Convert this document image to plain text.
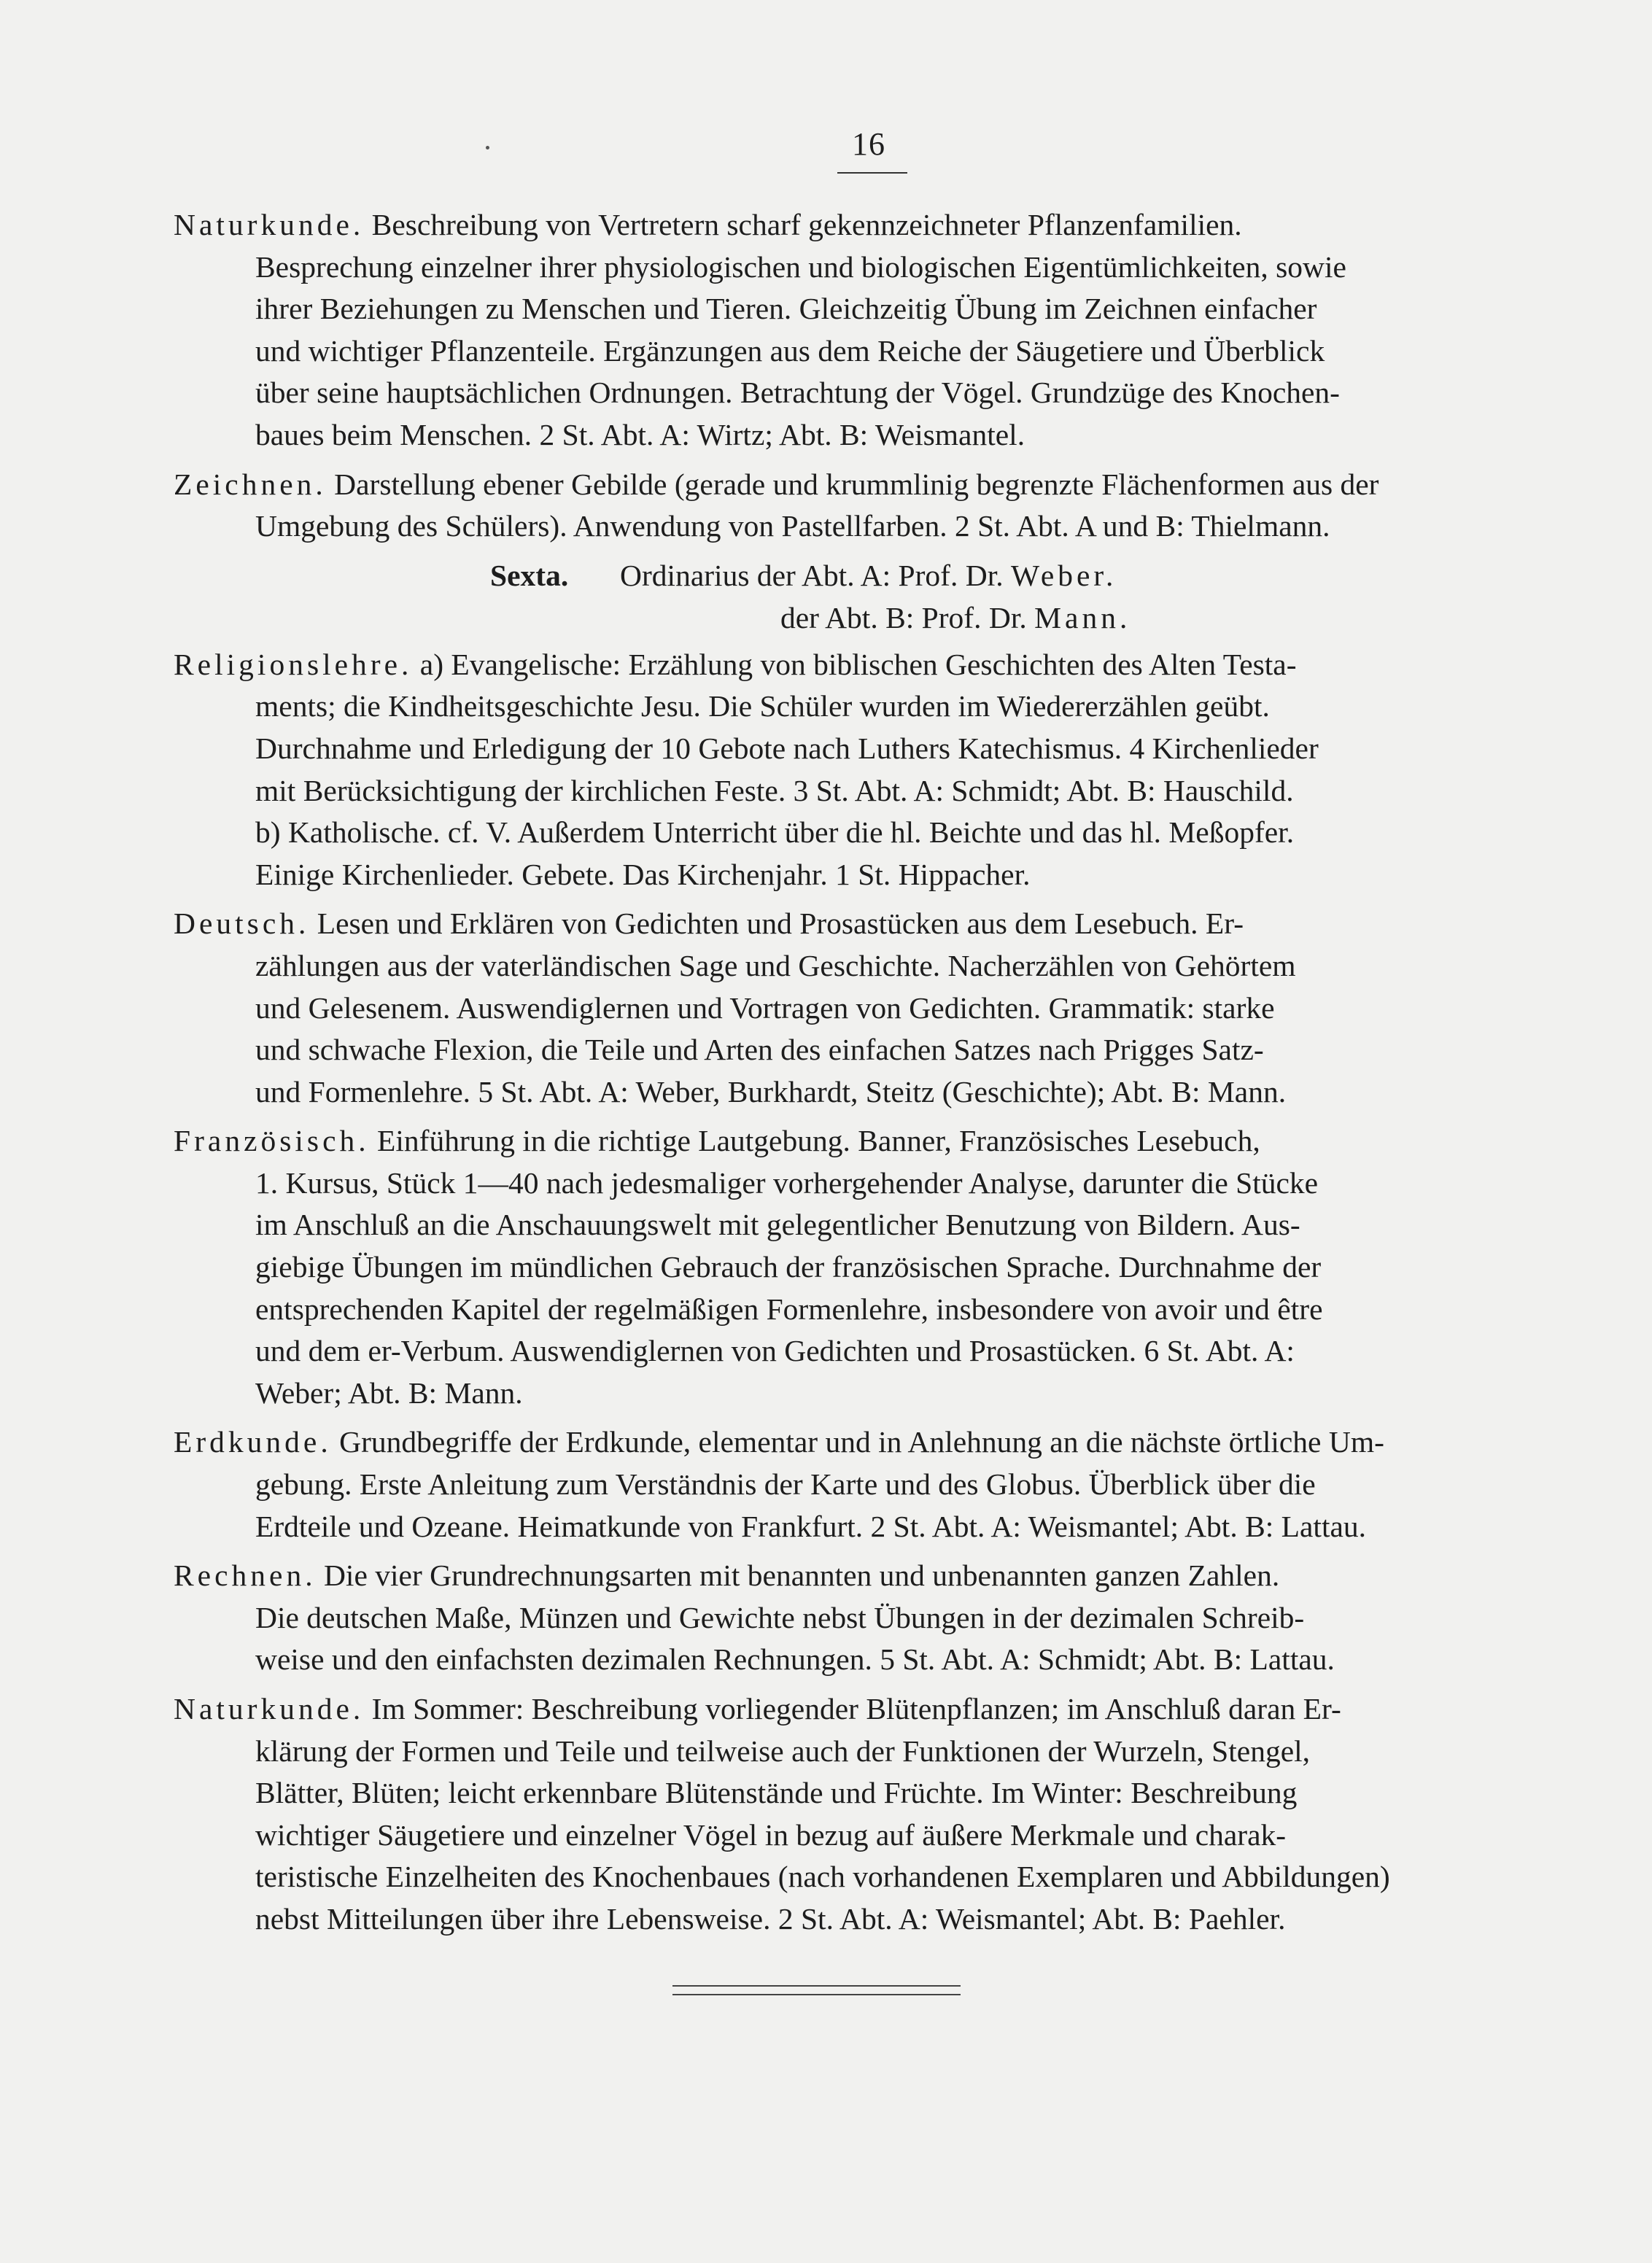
16
Naturkunde. Beschreibung von Vertretern scharf gekennzeichneter Pflanzenfamilien.
Besprechung einzelner ihrer physiologischen und biologischen Eigentümlichkeiten, sowie
ihrer Beziehungen zu Menschen und Tieren. Gleichzeitig Übung im Zeichnen einfacher
und wichtiger Pflanzenteile. Ergänzungen aus dem Reiche der Säugetiere und Überblick
über seine hauptsächlichen Ordnungen. Betrachtung der Vögel. Grundzüge des Knochen-
baues beim Menschen. 2 St. Abt. A: Wirtz; Abt. B: Weismantel.
Zeichnen. Darstellung ebener Gebilde (gerade und krummlinig begrenzte Flächenformen aus der
Umgebung des Schülers). Anwendung von Pastellfarben. 2 St. Abt. A und B: Thielmann.
Sexta. Ordinarius der Abt. A: Prof. Dr. Weber.
der Abt. B: Prof. Dr. Mann.
Religionslehre. a) Evangelische: Erzählung von biblischen Geschichten des Alten Testa-
ments; die Kindheitsgeschichte Jesu. Die Schüler wurden im Wiedererzählen geübt.
Durchnahme und Erledigung der 10 Gebote nach Luthers Katechismus. 4 Kirchenlieder
mit Berücksichtigung der kirchlichen Feste. 3 St. Abt. A: Schmidt; Abt. B: Hauschild.
b) Katholische. cf. V. Außerdem Unterricht über die hl. Beichte und das hl. Meßopfer.
Einige Kirchenlieder. Gebete. Das Kirchenjahr. 1 St. Hippacher.
Deutsch. Lesen und Erklären von Gedichten und Prosastücken aus dem Lesebuch. Er-
zählungen aus der vaterländischen Sage und Geschichte. Nacherzählen von Gehörtem
und Gelesenem. Auswendiglernen und Vortragen von Gedichten. Grammatik: starke
und schwache Flexion, die Teile und Arten des einfachen Satzes nach Prigges Satz-
und Formenlehre. 5 St. Abt. A: Weber, Burkhardt, Steitz (Geschichte); Abt. B: Mann.
Französisch. Einführung in die richtige Lautgebung. Banner, Französisches Lesebuch,
1. Kursus, Stück 1—40 nach jedesmaliger vorhergehender Analyse, darunter die Stücke
im Anschluß an die Anschauungswelt mit gelegentlicher Benutzung von Bildern. Aus-
giebige Übungen im mündlichen Gebrauch der französischen Sprache. Durchnahme der
entsprechenden Kapitel der regelmäßigen Formenlehre, insbesondere von avoir und être
und dem er-Verbum. Auswendiglernen von Gedichten und Prosastücken. 6 St. Abt. A:
Weber; Abt. B: Mann.
Erdkunde. Grundbegriffe der Erdkunde, elementar und in Anlehnung an die nächste örtliche Um-
gebung. Erste Anleitung zum Verständnis der Karte und des Globus. Überblick über die
Erdteile und Ozeane. Heimatkunde von Frankfurt. 2 St. Abt. A: Weismantel; Abt. B: Lattau.
Rechnen. Die vier Grundrechnungsarten mit benannten und unbenannten ganzen Zahlen.
Die deutschen Maße, Münzen und Gewichte nebst Übungen in der dezimalen Schreib-
weise und den einfachsten dezimalen Rechnungen. 5 St. Abt. A: Schmidt; Abt. B: Lattau.
Naturkunde. Im Sommer: Beschreibung vorliegender Blütenpflanzen; im Anschluß daran Er-
klärung der Formen und Teile und teilweise auch der Funktionen der Wurzeln, Stengel,
Blätter, Blüten; leicht erkennbare Blütenstände und Früchte. Im Winter: Beschreibung
wichtiger Säugetiere und einzelner Vögel in bezug auf äußere Merkmale und charak-
teristische Einzelheiten des Knochenbaues (nach vorhandenen Exemplaren und Abbildungen)
nebst Mitteilungen über ihre Lebensweise. 2 St. Abt. A: Weismantel; Abt. B: Paehler.
